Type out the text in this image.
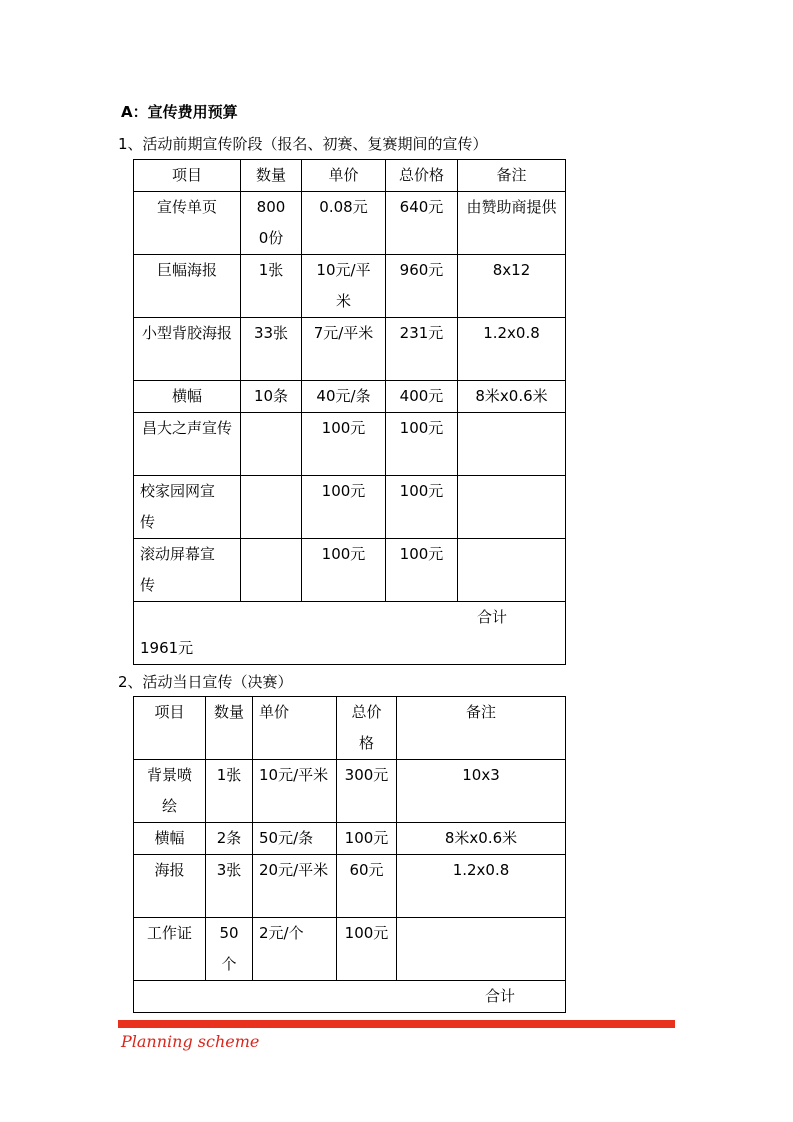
A：宣传费用预算
1、活动前期宣传阶段（报名、初赛、复赛期间的宣传）
项目	数量	单价	总价格	备注
宣传单页	8000份	0.08元	640元	由赞助商提供
巨幅海报	1张	10元/平米	960元	8x12
小型背胶海报	33张	7元/平米	231元	1.2x0.8
横幅	10条	40元/条	400元	8米x0.6米
昌大之声宣传		100元	100元	
校家园网宣传		100元	100元	
滚动屏幕宣传		100元	100元	

合计
1961元				
2、活动当日宣传（决赛）
项目	数量	单价	总价格	备注
背景喷绘	1张	10元/平米	300元	10x3
横幅	2条	50元/条	100元	8米x0.6米
海报	3张	20元/平米	60元	1.2x0.8
工作证	50个	2元/个	100元	

合计				
Planning scheme
